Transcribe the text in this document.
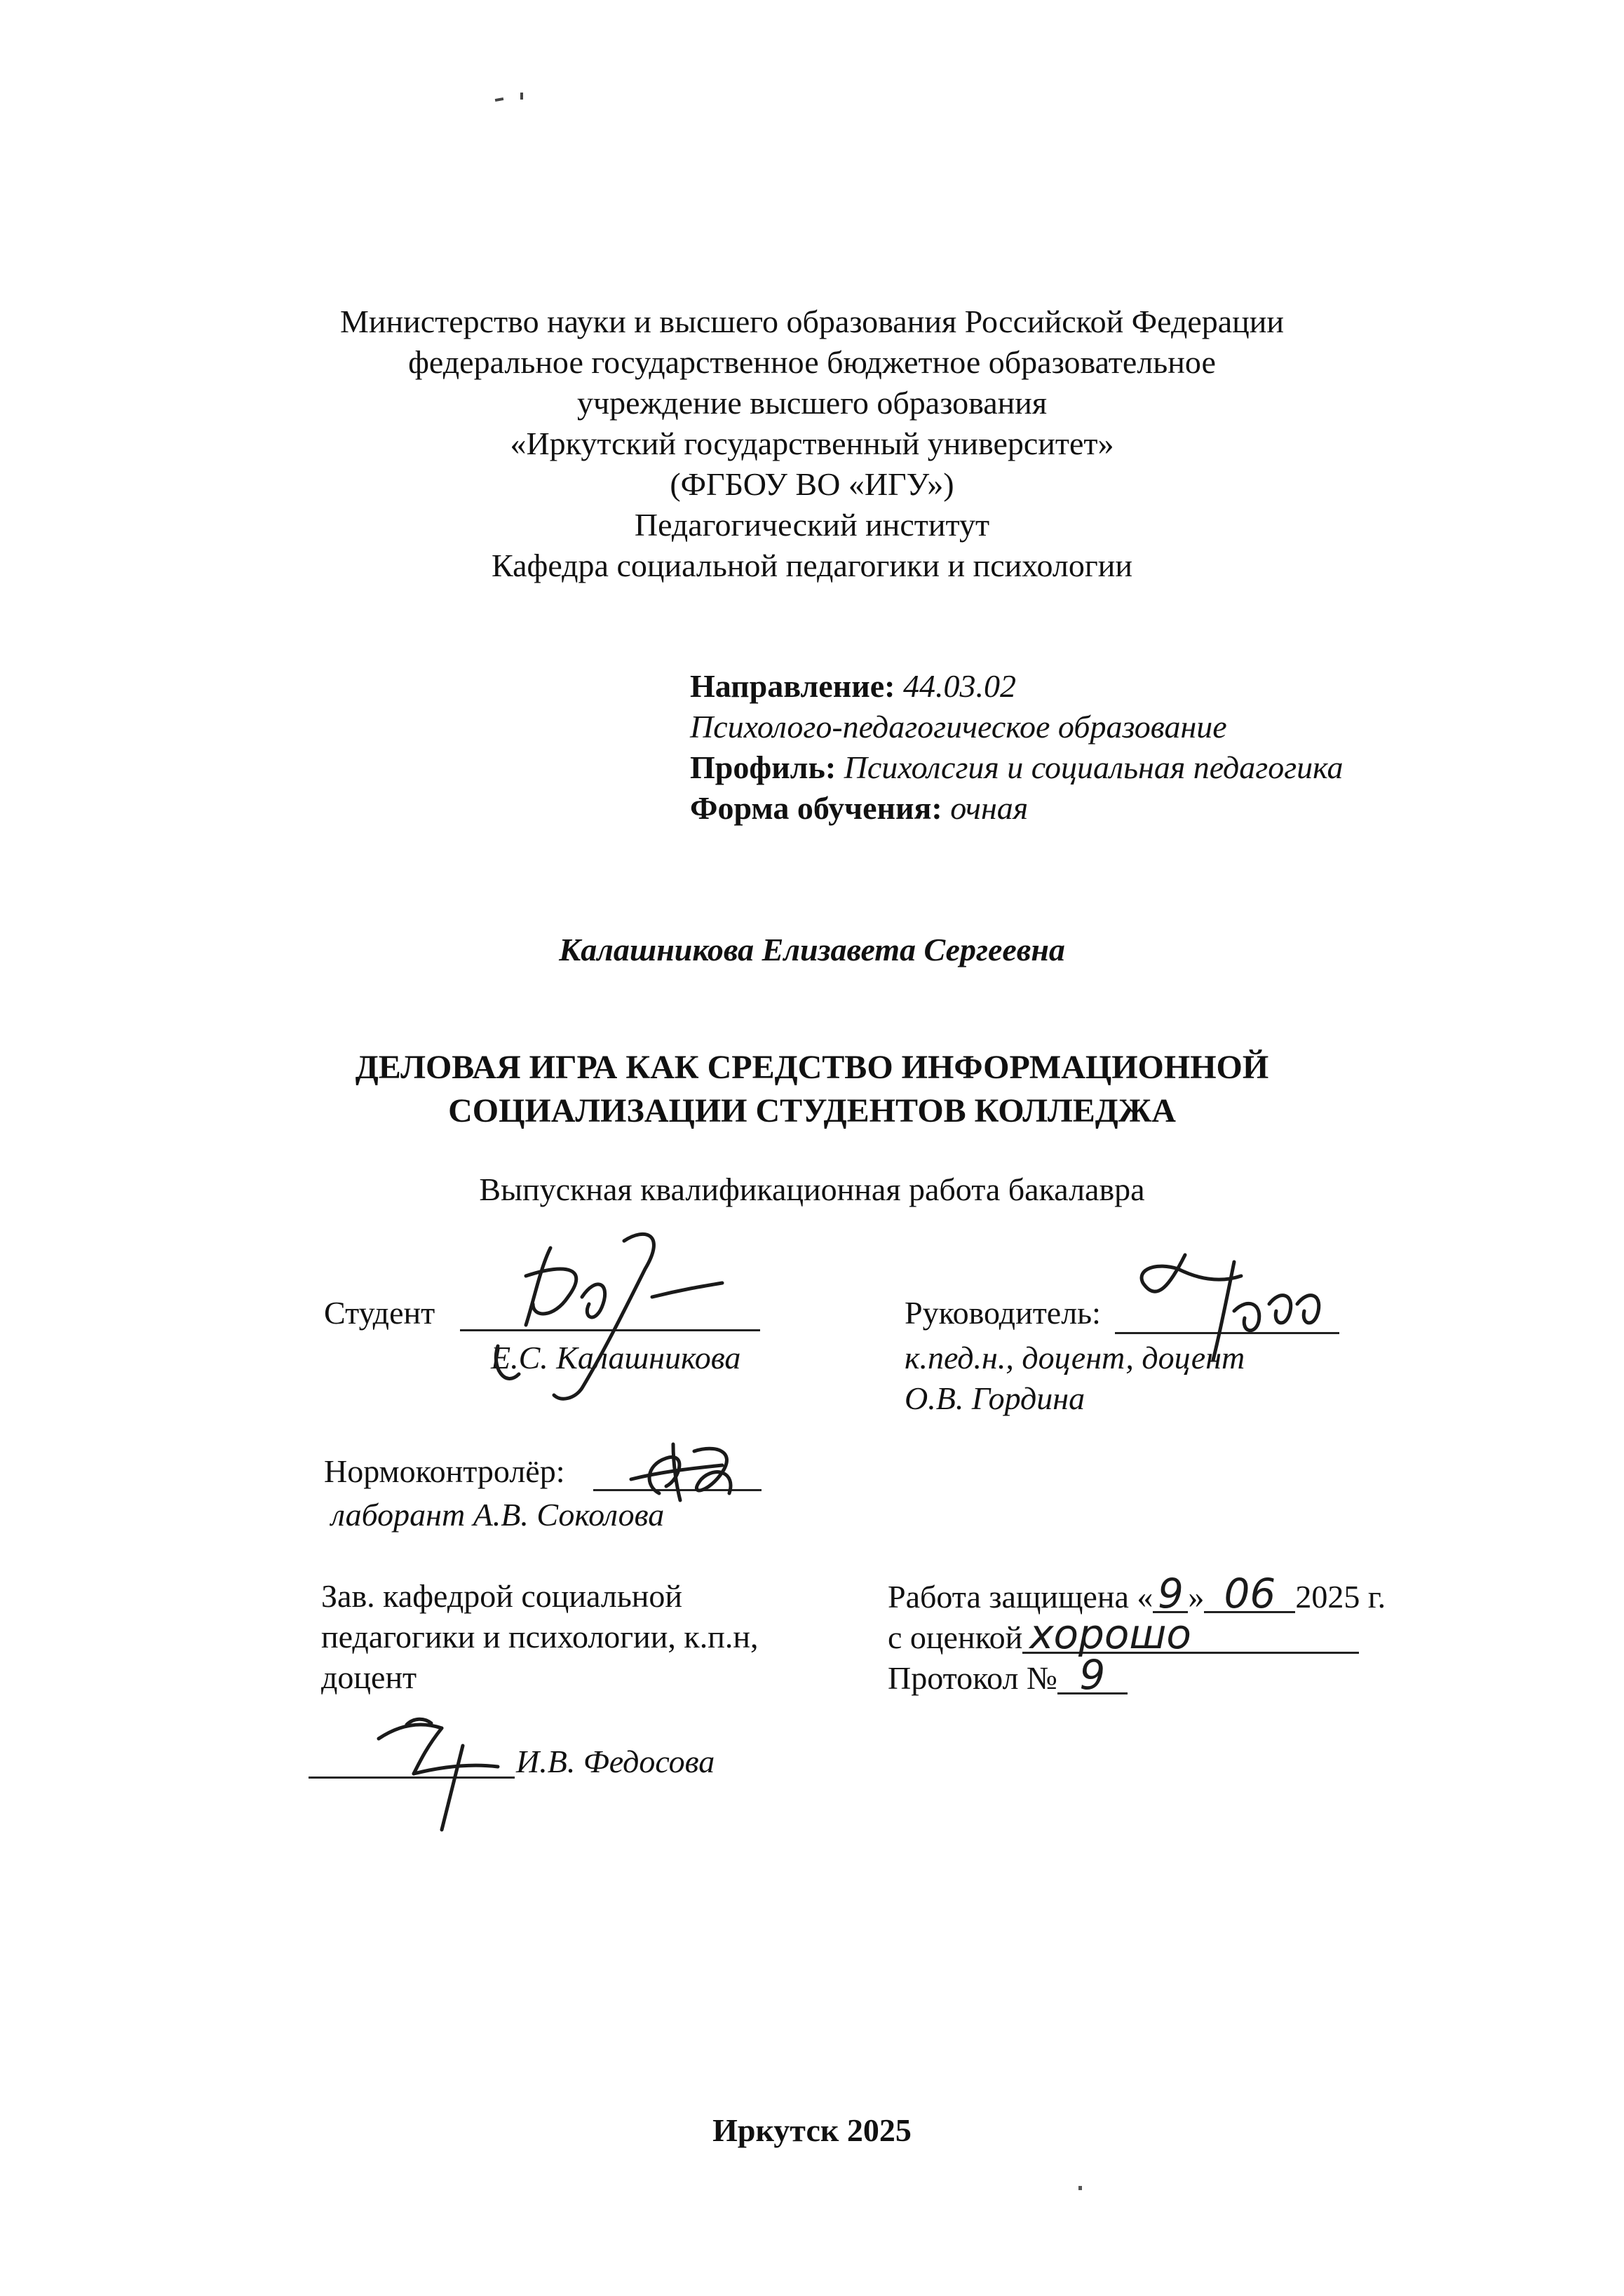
Министерство науки и высшего образования Российской Федерации
федеральное государственное бюджетное образовательное
учреждение высшего образования
«Иркутский государственный университет»
(ФГБОУ ВО «ИГУ»)
Педагогический институт
Кафедра социальной педагогики и психологии
Направление: 44.03.02
Психолого-педагогическое образование
Профиль: Психолсгия и социальная педагогика
Форма обучения: очная
Калашникова Елизавета Сергеевна
ДЕЛОВАЯ ИГРА КАК СРЕДСТВО ИНФОРМАЦИОННОЙ
СОЦИАЛИЗАЦИИ СТУДЕНТОВ КОЛЛЕДЖА
Выпускная квалификационная работа бакалавра
Студент
Е.С. Калашникова
Руководитель:
к.пед.н., доцент, доцент
О.В. Гордина
Нормоконтролёр:
лаборант А.В. Соколова
Зав. кафедрой социальной
педагогики и психологии, к.п.н,
доцент
И.В. Федосова
Работа защищена « 9 » 06 2025 г.
с оценкой хорошо
Протокол № 9
Иркутск 2025
